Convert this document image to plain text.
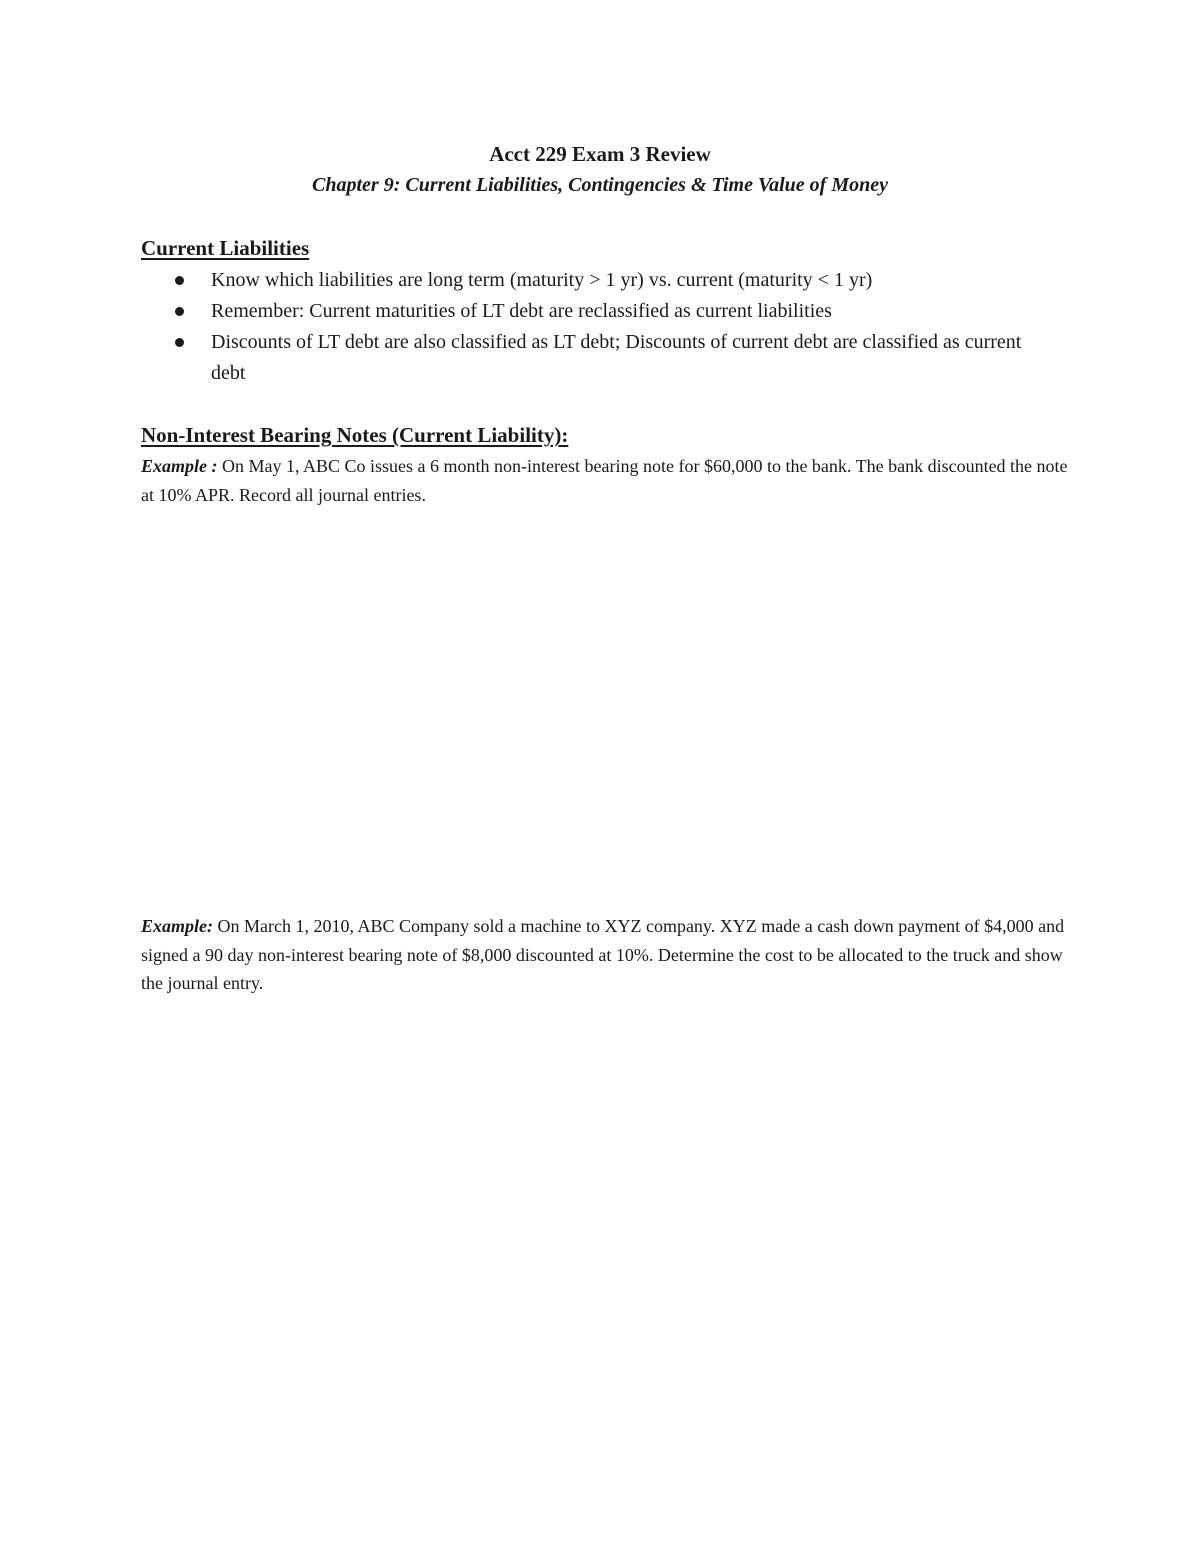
Acct 229 Exam 3 Review
Chapter 9: Current Liabilities, Contingencies & Time Value of Money
Current Liabilities
Know which liabilities are long term (maturity > 1 yr) vs. current (maturity < 1 yr)
Remember: Current maturities of LT debt are reclassified as current liabilities
Discounts of LT debt are also classified as LT debt; Discounts of current debt are classified as current debt
Non-Interest Bearing Notes (Current Liability):
Example : On May 1, ABC Co issues a 6 month non-interest bearing note for $60,000 to the bank. The bank discounted the note at 10% APR. Record all journal entries.
Example: On March 1, 2010, ABC Company sold a machine to XYZ company. XYZ made a cash down payment of $4,000 and signed a 90 day non-interest bearing note of $8,000 discounted at 10%. Determine the cost to be allocated to the truck and show the journal entry.
